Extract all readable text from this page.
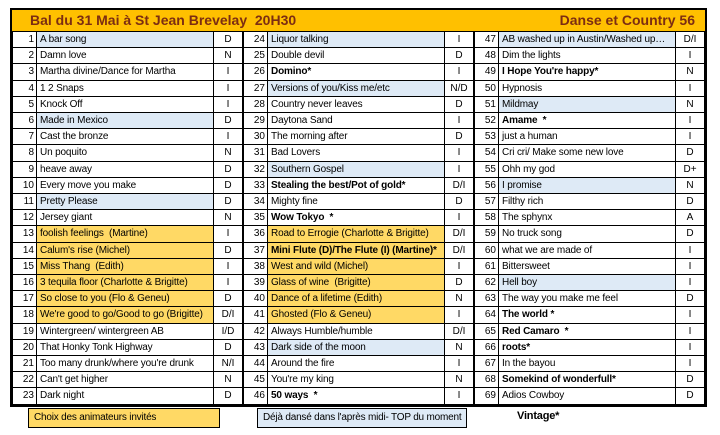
Bal du 31 Mai à St Jean Brevelay  20H30	Danse et Country 56
1	A bar song	D
2	Damn love	N
3	Martha divine/Dance for Martha	I
4	1 2 Snaps	I
5	Knock Off	I
6	Made in Mexico	D
7	Cast the bronze	I
8	Un poquito	N
9	heave away	D
10	Every move you make	D
11	Pretty Please	D
12	Jersey giant	N
13	foolish feelings  (Martine)	I
14	Calum's rise (Michel)	D
15	Miss Thang  (Edith)	I
16	3 tequila floor (Charlotte & Brigitte)	I
17	So close to you (Flo & Geneu)	D
18	We're good to go/Good to go (Brigitte)	D/I
19	Wintergreen/ wintergreen AB	I/D
20	That Honky Tonk Highway	D
21	Too many drunk/where you're drunk	N/I
22	Can't get higher	N
23	Dark night	D
24	Liquor talking	I
25	Double devil	D
26	Domino*	I
27	Versions of you/Kiss me/etc	N/D
28	Country never leaves	D
29	Daytona Sand	I
30	The morning after	D
31	Bad Lovers	I
32	Southern Gospel	I
33	Stealing the best/Pot of gold*	D/I
34	Mighty fine	D
35	Wow Tokyo  *	I
36	Road to Errogie (Charlotte & Brigitte)	D/I
37	Mini Flute (D)/The Flute (I) (Martine)*	D/I
38	West and wild (Michel)	I
39	Glass of wine  (Brigitte)	D
40	Dance of a lifetime (Edith)	N
41	Ghosted (Flo & Geneu)	I
42	Always Humble/humble	D/I
43	Dark side of the moon	N
44	Around the fire	I
45	You're my king	N
46	50 ways  *	I
47	AB washed up in Austin/Washed up…	D/I
48	Dim the lights	I
49	I Hope You're happy*	N
50	Hypnosis	I
51	Mildmay	N
52	Amame  *	I
53	just a human	I
54	Cri cri/ Make some new love	D
55	Ohh my god	D+
56	I promise	N
57	Filthy rich	D
58	The sphynx	A
59	No truck song	D
60	what we are made of	I
61	Bittersweet	I
62	Hell boy	I
63	The way you make me feel	D
64	The world *	I
65	Red Camaro  *	I
66	roots*	I
67	In the bayou	I
68	Somekind of wonderfull*	D
69	Adios Cowboy	D
Choix des animateurs invités	Déjà dansé dans l'après midi- TOP du moment	Vintage*
